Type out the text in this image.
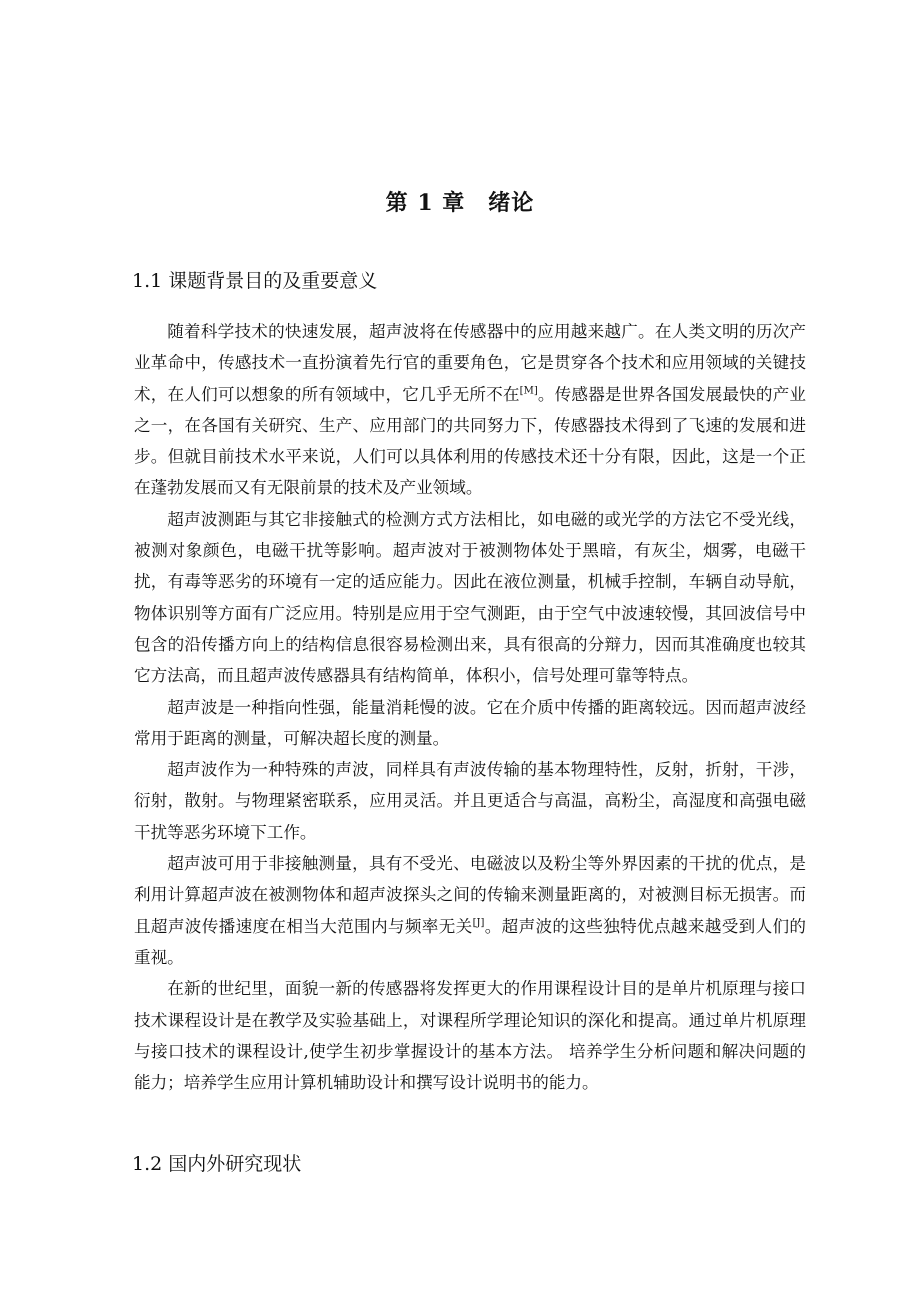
第 1 章　绪论
1.1 课题背景目的及重要意义

随着科学技术的快速发展，超声波将在传感器中的应用越来越广。在人类文明的历次产业革命中，传感技术一直扮演着先行官的重要角色，它是贯穿各个技术和应用领域的关键技术，在人们可以想象的所有领域中，它几乎无所不在[M]。传感器是世界各国发展最快的产业之一，在各国有关研究、生产、应用部门的共同努力下，传感器技术得到了飞速的发展和进步。但就目前技术水平来说，人们可以具体利用的传感技术还十分有限，因此，这是一个正在蓬勃发展而又有无限前景的技术及产业领域。

超声波测距与其它非接触式的检测方式方法相比，如电磁的或光学的方法它不受光线，被测对象颜色，电磁干扰等影响。超声波对于被测物体处于黑暗，有灰尘，烟雾，电磁干扰，有毒等恶劣的环境有一定的适应能力。因此在液位测量，机械手控制，车辆自动导航，物体识别等方面有广泛应用。特别是应用于空气测距，由于空气中波速较慢，其回波信号中包含的沿传播方向上的结构信息很容易检测出来，具有很高的分辩力，因而其准确度也较其它方法高，而且超声波传感器具有结构简单，体积小，信号处理可靠等特点。

超声波是一种指向性强，能量消耗慢的波。它在介质中传播的距离较远。因而超声波经常用于距离的测量，可解决超长度的测量。

超声波作为一种特殊的声波，同样具有声波传输的基本物理特性，反射，折射，干涉，衍射，散射。与物理紧密联系，应用灵活。并且更适合与高温，高粉尘，高湿度和高强电磁干扰等恶劣环境下工作。

超声波可用于非接触测量，具有不受光、电磁波以及粉尘等外界因素的干扰的优点，是利用计算超声波在被测物体和超声波探头之间的传输来测量距离的，对被测目标无损害。而且超声波传播速度在相当大范围内与频率无关[J]。超声波的这些独特优点越来越受到人们的重视。

在新的世纪里，面貌一新的传感器将发挥更大的作用课程设计目的是单片机原理与接口技术课程设计是在教学及实验基础上，对课程所学理论知识的深化和提高。通过单片机原理与接口技术的课程设计,使学生初步掌握设计的基本方法。 培养学生分析问题和解决问题的能力；培养学生应用计算机辅助设计和撰写设计说明书的能力。

1.2 国内外研究现状
